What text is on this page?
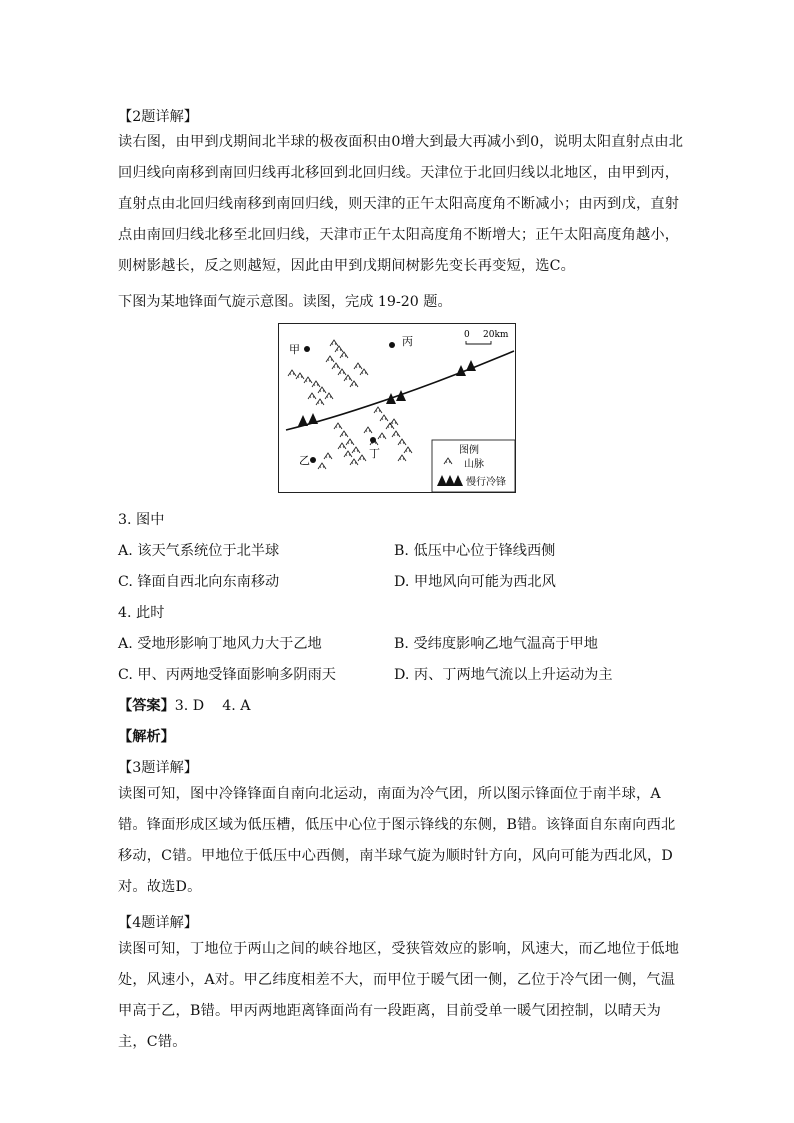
【2题详解】

读右图，由甲到戊期间北半球的极夜面积由0增大到最大再减小到0，说明太阳直射点由北回归线向南移到南回归线再北移回到北回归线。天津位于北回归线以北地区，由甲到丙，直射点由北回归线南移到南回归线，则天津的正午太阳高度角不断减小；由丙到戊，直射点由南回归线北移至北回归线，天津市正午太阳高度角不断增大；正午太阳高度角越小，则树影越长，反之则越短，因此由甲到戊期间树影先变长再变短，选C。

下图为某地锋面气旋示意图。读图，完成 19-20 题。

甲
丙
丁
乙
0 20km
图例
山脉
慢行冷锋

3. 图中

A. 该天气系统位于北半球	B. 低压中心位于锋线西侧
C. 锋面自西北向东南移动	D. 甲地风向可能为西北风

4. 此时

A. 受地形影响丁地风力大于乙地	B. 受纬度影响乙地气温高于甲地
C. 甲、丙两地受锋面影响多阴雨天	D. 丙、丁两地气流以上升运动为主

【答案】3. D    4. A

【解析】

【3题详解】

读图可知，图中冷锋锋面自南向北运动，南面为冷气团，所以图示锋面位于南半球，A错。锋面形成区域为低压槽，低压中心位于图示锋线的东侧，B错。该锋面自东南向西北移动，C错。甲地位于低压中心西侧，南半球气旋为顺时针方向，风向可能为西北风，D对。故选D。

【4题详解】

读图可知，丁地位于两山之间的峡谷地区，受狭管效应的影响，风速大，而乙地位于低地处，风速小，A对。甲乙纬度相差不大，而甲位于暖气团一侧，乙位于冷气团一侧，气温甲高于乙，B错。甲丙两地距离锋面尚有一段距离，目前受单一暖气团控制，以晴天为主，C错。
